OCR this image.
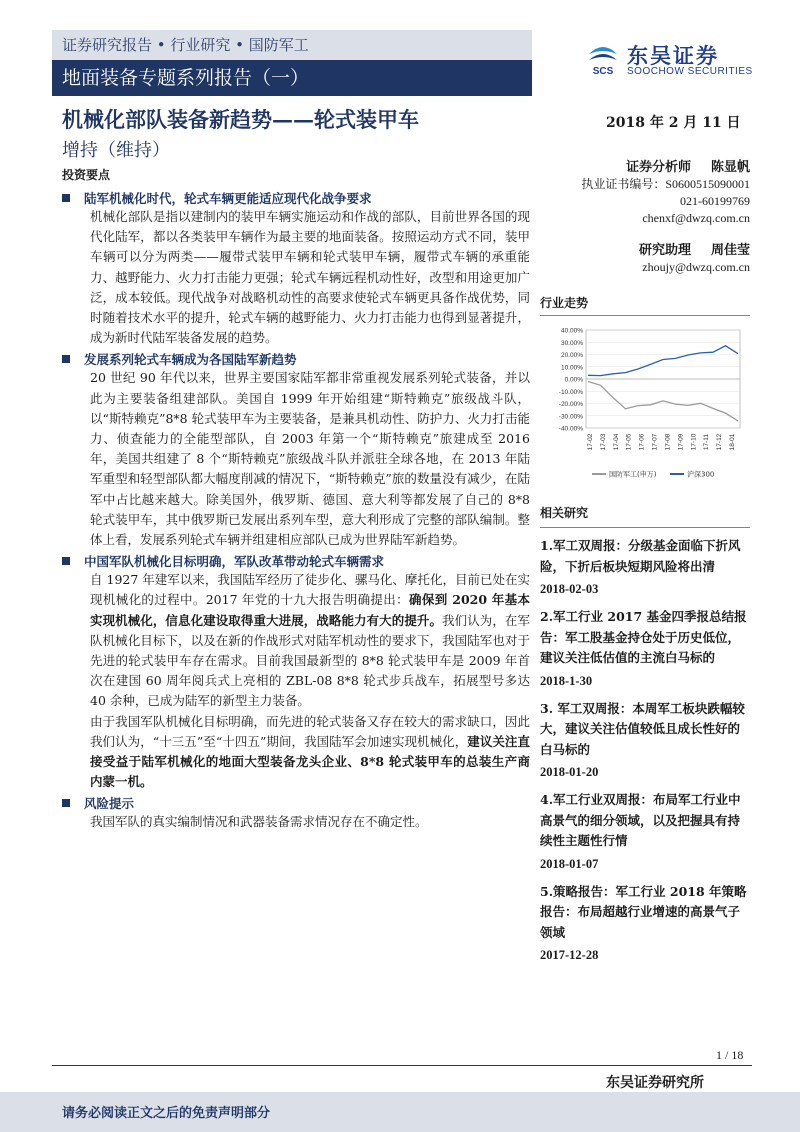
证券研究报告 • 行业研究 • 国防军工
地面装备专题系列报告（一）	SCS
东吴证券
SOOCHOW SECURITIES
机械化部队装备新趋势——轮式装甲车	2018 年 2 月 11 日
增持（维持）
投资要点
陆军机械化时代，轮式车辆更能适应现代化战争要求

机械化部队是指以建制内的装甲车辆实施运动和作战的部队，目前世界各国的现代化陆军，都以各类装甲车辆作为最主要的地面装备。按照运动方式不同，装甲车辆可以分为两类——履带式装甲车辆和轮式装甲车辆，履带式车辆的承重能力、越野能力、火力打击能力更强；轮式车辆远程机动性好，改型和用途更加广泛，成本较低。现代战争对战略机动性的高要求使轮式车辆更具备作战优势，同时随着技术水平的提升，轮式车辆的越野能力、火力打击能力也得到显著提升，成为新时代陆军装备发展的趋势。

发展系列轮式车辆成为各国陆军新趋势

20 世纪 90 年代以来，世界主要国家陆军都非常重视发展系列轮式装备，并以此为主要装备组建部队。美国自 1999 年开始组建“斯特赖克”旅级战斗队，以“斯特赖克”8*8 轮式装甲车为主要装备，是兼具机动性、防护力、火力打击能力、侦查能力的全能型部队，自 2003 年第一个“斯特赖克”旅建成至 2016 年，美国共组建了 8 个“斯特赖克”旅级战斗队并派驻全球各地，在 2013 年陆军重型和轻型部队都大幅度削减的情况下，“斯特赖克”旅的数量没有减少，在陆军中占比越来越大。除美国外，俄罗斯、德国、意大利等都发展了自己的 8*8 轮式装甲车，其中俄罗斯已发展出系列车型，意大利形成了完整的部队编制。整体上看，发展系列轮式车辆并组建相应部队已成为世界陆军新趋势。

中国军队机械化目标明确，军队改革带动轮式车辆需求

自 1927 年建军以来，我国陆军经历了徒步化、骡马化、摩托化，目前已处在实现机械化的过程中。2017 年党的十九大报告明确提出：确保到 2020 年基本实现机械化，信息化建设取得重大进展，战略能力有大的提升。我们认为，在军队机械化目标下，以及在新的作战形式对陆军机动性的要求下，我国陆军也对于先进的轮式装甲车存在需求。目前我国最新型的 8*8 轮式装甲车是 2009 年首次在建国 60 周年阅兵式上亮相的 ZBL-08 8*8 轮式步兵战车，拓展型号多达 40 余种，已成为陆军的新型主力装备。

由于我国军队机械化目标明确，而先进的轮式装备又存在较大的需求缺口，因此我们认为，“十三五”至“十四五”期间，我国陆军会加速实现机械化，建议关注直接受益于陆军机械化的地面大型装备龙头企业、8*8 轮式装甲车的总装生产商内蒙一机。

风险提示

我国军队的真实编制情况和武器装备需求情况存在不确定性。

证券分析师 陈显帆
执业证书编号：S0600515090001
021-60199769
chenxf@dwzq.com.cn
研究助理 周佳莹
zhoujy@dwzq.com.cn
行业走势
40.00%
30.00%
20.00%
10.00%
0.00%
-10.00%
-20.00%
-30.00%
-40.00%
17-02 17-03 17-04 17-05 17-06 17-07 17-08 17-09 17-10 17-11 17-12 18-01
国防军工(申万)	沪深300
相关研究
1.军工双周报：分级基金面临下折风险，下折后板块短期风险将出清
2018-02-03
2.军工行业 2017 基金四季报总结报告：军工股基金持仓处于历史低位，建议关注低估值的主流白马标的
2018-1-30
3. 军工双周报：本周军工板块跌幅较大，建议关注估值较低且成长性好的白马标的
2018-01-20
4.军工行业双周报：布局军工行业中高景气的细分领域，以及把握具有持续性主题性行情
2018-01-07
5.策略报告：军工行业 2018 年策略报告：布局超越行业增速的高景气子领域
2017-12-28
1 / 18
东吴证券研究所
请务必阅读正文之后的免责声明部分
